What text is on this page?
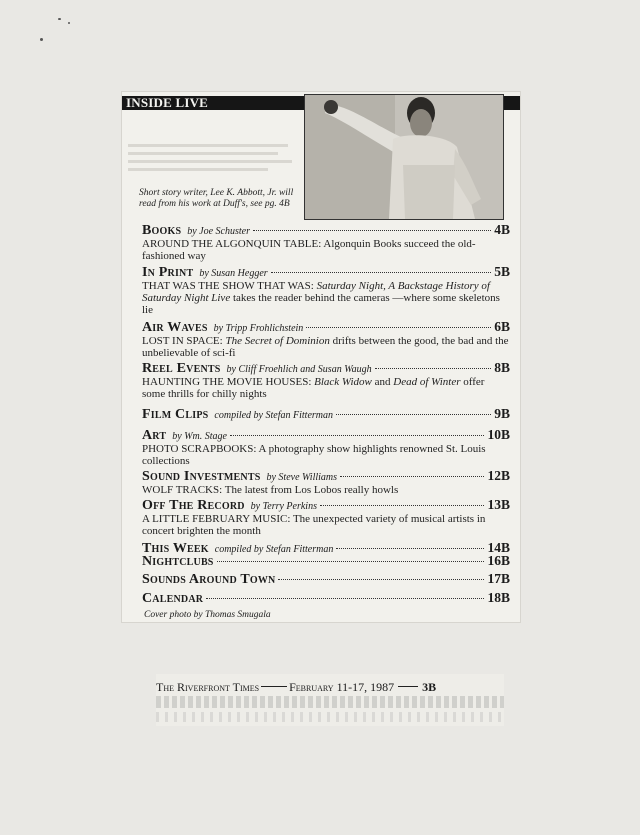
INSIDE LIVE
Short story writer, Lee K. Abbott, Jr. will read from his work at Duff's, see pg. 4B
Books by Joe Schuster	4B
AROUND THE ALGONQUIN TABLE: Algonquin Books succeed the old-fashioned way
In Print by Susan Hegger	5B
THAT WAS THE SHOW THAT WAS: Saturday Night, A Backstage History of Saturday Night Live takes the reader behind the cameras —where some skeletons lie
Air Waves by Tripp Frohlichstein	6B
LOST IN SPACE: The Secret of Dominion drifts between the good, the bad and the unbelievable of sci-fi
Reel Events by Cliff Froehlich and Susan Waugh	8B
HAUNTING THE MOVIE HOUSES: Black Widow and Dead of Winter offer some thrills for chilly nights
Film Clips compiled by Stefan Fitterman	9B
Art by Wm. Stage	10B
PHOTO SCRAPBOOKS: A photography show highlights renowned St. Louis collections
Sound Investments by Steve Williams	12B
WOLF TRACKS: The latest from Los Lobos really howls
Off The Record by Terry Perkins	13B
A LITTLE FEBRUARY MUSIC: The unexpected variety of musical artists in concert brighten the month
This Week compiled by Stefan Fitterman	14B
Nightclubs	16B
Sounds Around Town	17B
Calendar	18B
Cover photo by Thomas Smugala
The Riverfront Times	February 11-17, 1987 3B
